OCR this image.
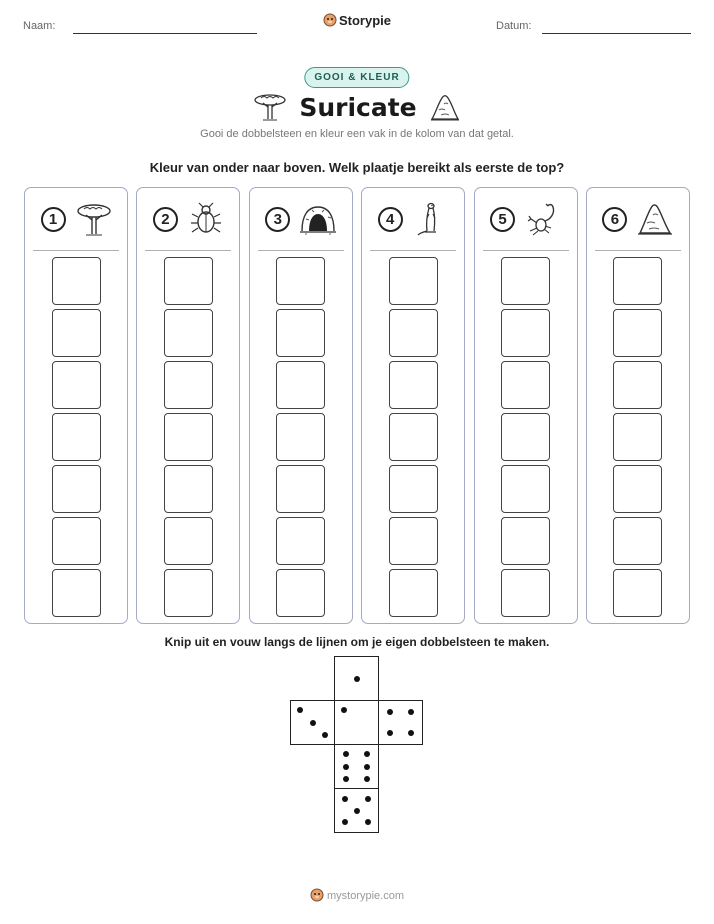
Naam:	Storypie	Datum:
GOOI & KLEUR
Suricate
Gooi de dobbelsteen en kleur een vak in de kolom van dat getal.
Kleur van onder naar boven. Welk plaatje bereikt als eerste de top?
1	2	3	4	5	6
Knip uit en vouw langs de lijnen om je eigen dobbelsteen te maken.
mystorypie.com
